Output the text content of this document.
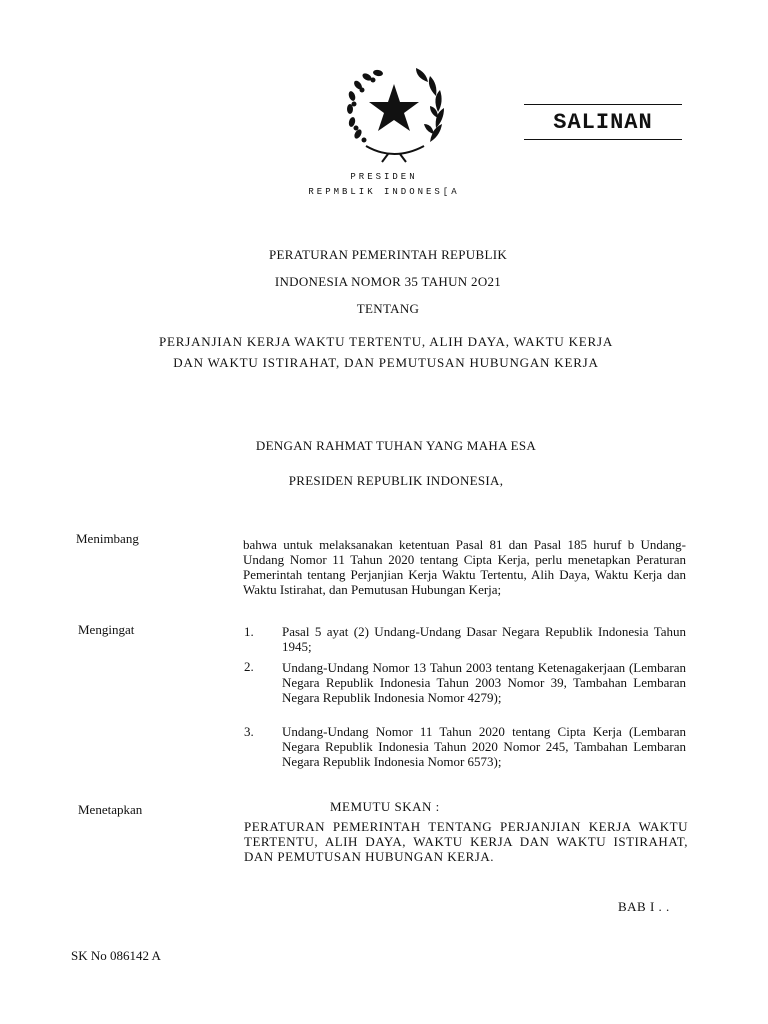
SALINAN
PRESIDEN
REPMBLIK INDONES[A
PERATURAN PEMERINTAH REPUBLIK
INDONESIA NOMOR 35 TAHUN 2O21
TENTANG
PERJANJIAN KERJA WAKTU TERTENTU, ALIH DAYA, WAKTU KERJA
DAN WAKTU ISTIRAHAT, DAN PEMUTUSAN HUBUNGAN KERJA
DENGAN RAHMAT TUHAN YANG MAHA ESA
PRESIDEN REPUBLIK INDONESIA,
Menimbang	bahwa untuk melaksanakan ketentuan Pasal 81 dan Pasal 185 huruf b Undang-Undang Nomor 11 Tahun 2020 tentang Cipta Kerja, perlu menetapkan Peraturan Pemerintah tentang Perjanjian Kerja Waktu Tertentu, Alih Daya, Waktu Kerja dan Waktu Istirahat, dan Pemutusan Hubungan Kerja;
Mengingat	1. Pasal 5 ayat (2) Undang-Undang Dasar Negara Republik Indonesia Tahun 1945;
2. Undang-Undang Nomor 13 Tahun 2003 tentang Ketenagakerjaan (Lembaran Negara Republik Indonesia Tahun 2003 Nomor 39, Tambahan Lembaran Negara Republik Indonesia Nomor 4279);
3. Undang-Undang Nomor 11 Tahun 2020 tentang Cipta Kerja (Lembaran Negara Republik Indonesia Tahun 2020 Nomor 245, Tambahan Lembaran Negara Republik Indonesia Nomor 6573);
Menetapkan	MEMUTU SKAN :
PERATURAN PEMERINTAH TENTANG PERJANJIAN KERJA WAKTU TERTENTU, ALIH DAYA, WAKTU KERJA DAN WAKTU ISTIRAHAT, DAN PEMUTUSAN HUBUNGAN KERJA.
BAB I . .
SK No 086142 A
